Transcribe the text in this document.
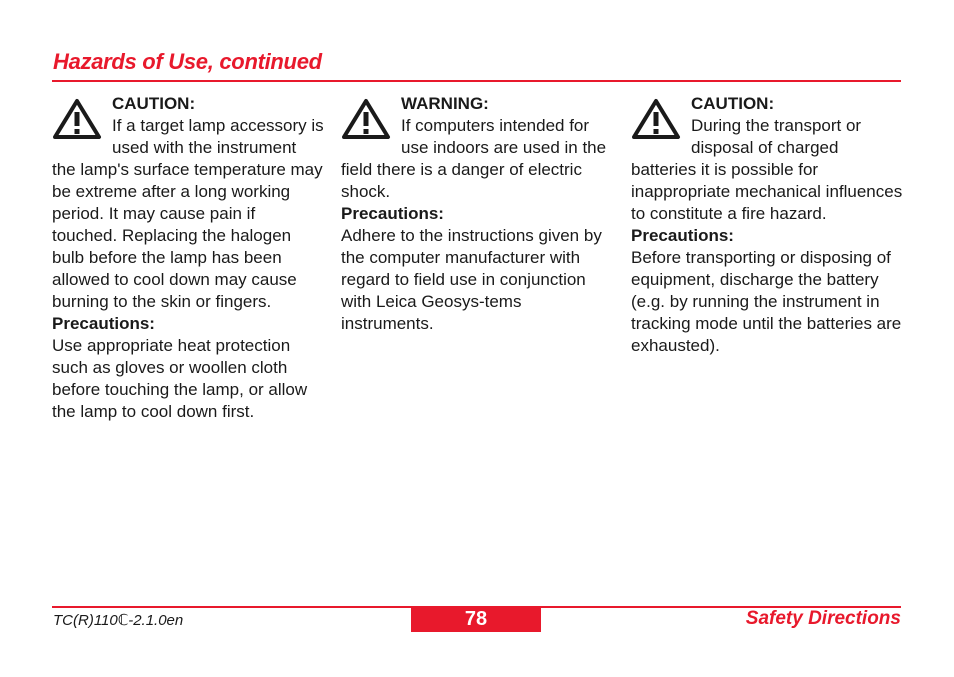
Hazards of Use, continued
CAUTION:
If a target lamp accessory is used with the instrument the lamp's surface temperature may be extreme after a long working period. It may cause pain if touched. Replacing the halogen bulb before the lamp has been allowed to cool down may cause burning to the skin or fingers.
Precautions:
Use appropriate heat protection such as gloves or woollen cloth before touching the lamp, or allow the lamp to cool down first.
WARNING:
If computers intended for use indoors are used in the field there is a danger of electric shock.
Precautions:
Adhere to the instructions given by the computer manufacturer with regard to field use in conjunction with Leica Geosys-tems instruments.
CAUTION:
During the transport or disposal of charged batteries it is possible for inappropriate mechanical influences to constitute a fire hazard.
Precautions:
Before transporting or disposing of equipment, discharge the battery (e.g. by running the instrument in tracking mode until the batteries are exhausted).
TC(R)110ℂ-2.1.0en	78	Safety Directions
